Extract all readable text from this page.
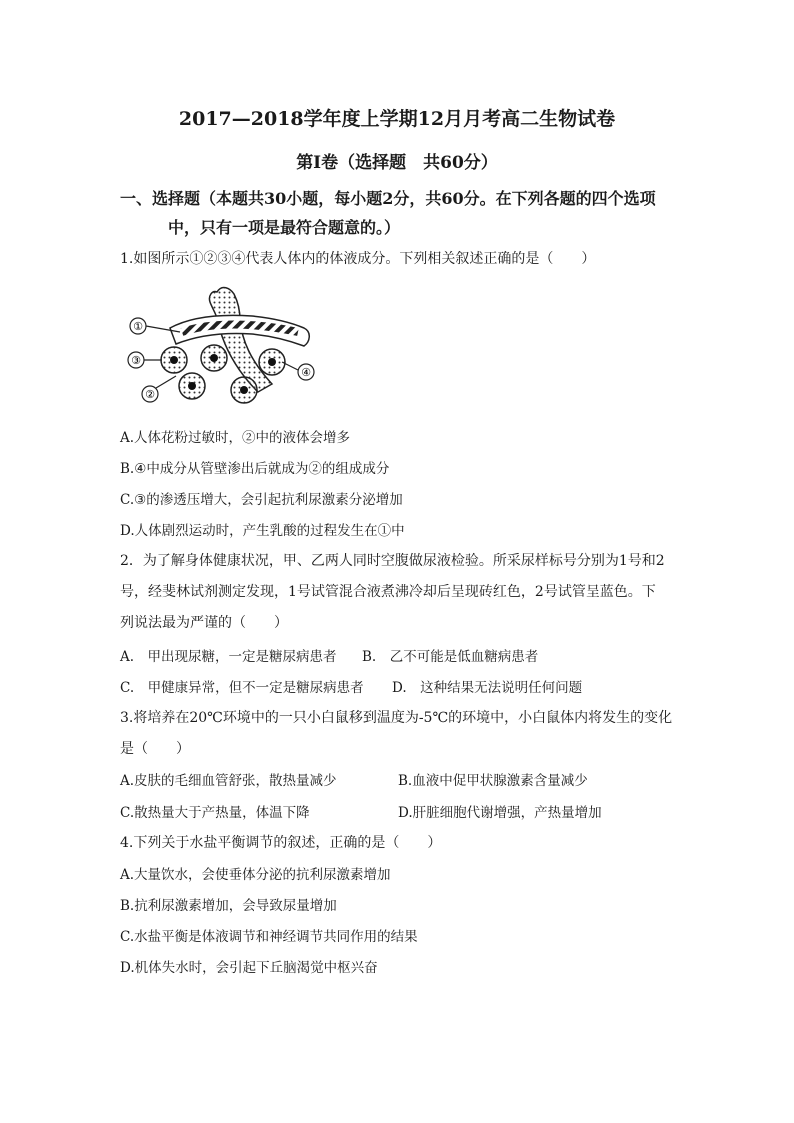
2017—2018学年度上学期12月月考高二生物试卷
第Ⅰ卷（选择题　共60分）
一、选择题（本题共30小题，每小题2分，共60分。在下列各题的四个选项
中，只有一项是最符合题意的。）
1.如图所示①②③④代表人体内的体液成分。下列相关叙述正确的是（　　）
①
③
②
④
A.人体花粉过敏时，②中的液体会增多
B.④中成分从管壁渗出后就成为②的组成成分
C.③的渗透压增大，会引起抗利尿激素分泌增加
D.人体剧烈运动时，产生乳酸的过程发生在①中
2．为了解身体健康状况，甲、乙两人同时空腹做尿液检验。所采尿样标号分别为1号和2
号，经斐林试剂测定发现，1号试管混合液煮沸冷却后呈现砖红色，2号试管呈蓝色。下
列说法最为严谨的（　　）
A.　甲出现尿糖，一定是糖尿病患者 B.　乙不可能是低血糖病患者
C.　甲健康异常，但不一定是糖尿病患者 D.　这种结果无法说明任何问题
3.将培养在20℃环境中的一只小白鼠移到温度为-5℃的环境中，小白鼠体内将发生的变化
是（　　）
A.皮肤的毛细血管舒张，散热量减少	B.血液中促甲状腺激素含量减少
C.散热量大于产热量，体温下降	D.肝脏细胞代谢增强，产热量增加
4.下列关于水盐平衡调节的叙述，正确的是（　　）
A.大量饮水，会使垂体分泌的抗利尿激素增加
B.抗利尿激素增加，会导致尿量增加
C.水盐平衡是体液调节和神经调节共同作用的结果
D.机体失水时，会引起下丘脑渴觉中枢兴奋
